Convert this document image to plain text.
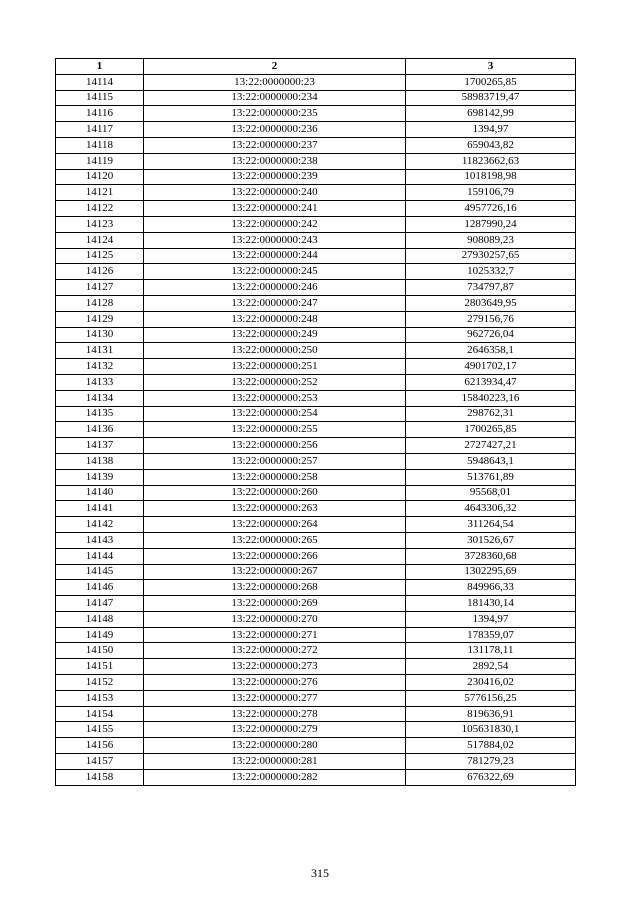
1	2	3
14114	13:22:0000000:23	1700265,85
14115	13:22:0000000:234	58983719,47
14116	13:22:0000000:235	698142,99
14117	13:22:0000000:236	1394,97
14118	13:22:0000000:237	659043,82
14119	13:22:0000000:238	11823662,63
14120	13:22:0000000:239	1018198,98
14121	13:22:0000000:240	159106,79
14122	13:22:0000000:241	4957726,16
14123	13:22:0000000:242	1287990,24
14124	13:22:0000000:243	908089,23
14125	13:22:0000000:244	27930257,65
14126	13:22:0000000:245	1025332,7
14127	13:22:0000000:246	734797,87
14128	13:22:0000000:247	2803649,95
14129	13:22:0000000:248	279156,76
14130	13:22:0000000:249	962726,04
14131	13:22:0000000:250	2646358,1
14132	13:22:0000000:251	4901702,17
14133	13:22:0000000:252	6213934,47
14134	13:22:0000000:253	15840223,16
14135	13:22:0000000:254	298762,31
14136	13:22:0000000:255	1700265,85
14137	13:22:0000000:256	2727427,21
14138	13:22:0000000:257	5948643,1
14139	13:22:0000000:258	513761,89
14140	13:22:0000000:260	95568,01
14141	13:22:0000000:263	4643306,32
14142	13:22:0000000:264	311264,54
14143	13:22:0000000:265	301526,67
14144	13:22:0000000:266	3728360,68
14145	13:22:0000000:267	1302295,69
14146	13:22:0000000:268	849966,33
14147	13:22:0000000:269	181430,14
14148	13:22:0000000:270	1394,97
14149	13:22:0000000:271	178359,07
14150	13:22:0000000:272	131178,11
14151	13:22:0000000:273	2892,54
14152	13:22:0000000:276	230416,02
14153	13:22:0000000:277	5776156,25
14154	13:22:0000000:278	819636,91
14155	13:22:0000000:279	105631830,1
14156	13:22:0000000:280	517884,02
14157	13:22:0000000:281	781279,23
14158	13:22:0000000:282	676322,69
315
